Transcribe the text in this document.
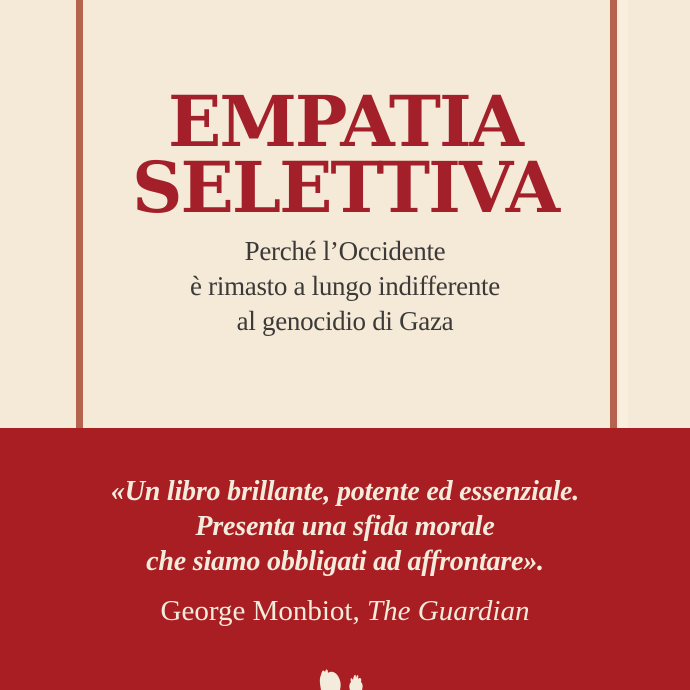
EMPATIA
SELETTIVA
Perché l’Occidente
è rimasto a lungo indifferente
al genocidio di Gaza
«Un libro brillante, potente ed essenziale.
Presenta una sfida morale
che siamo obbligati ad affrontare».
George Monbiot, The Guardian
